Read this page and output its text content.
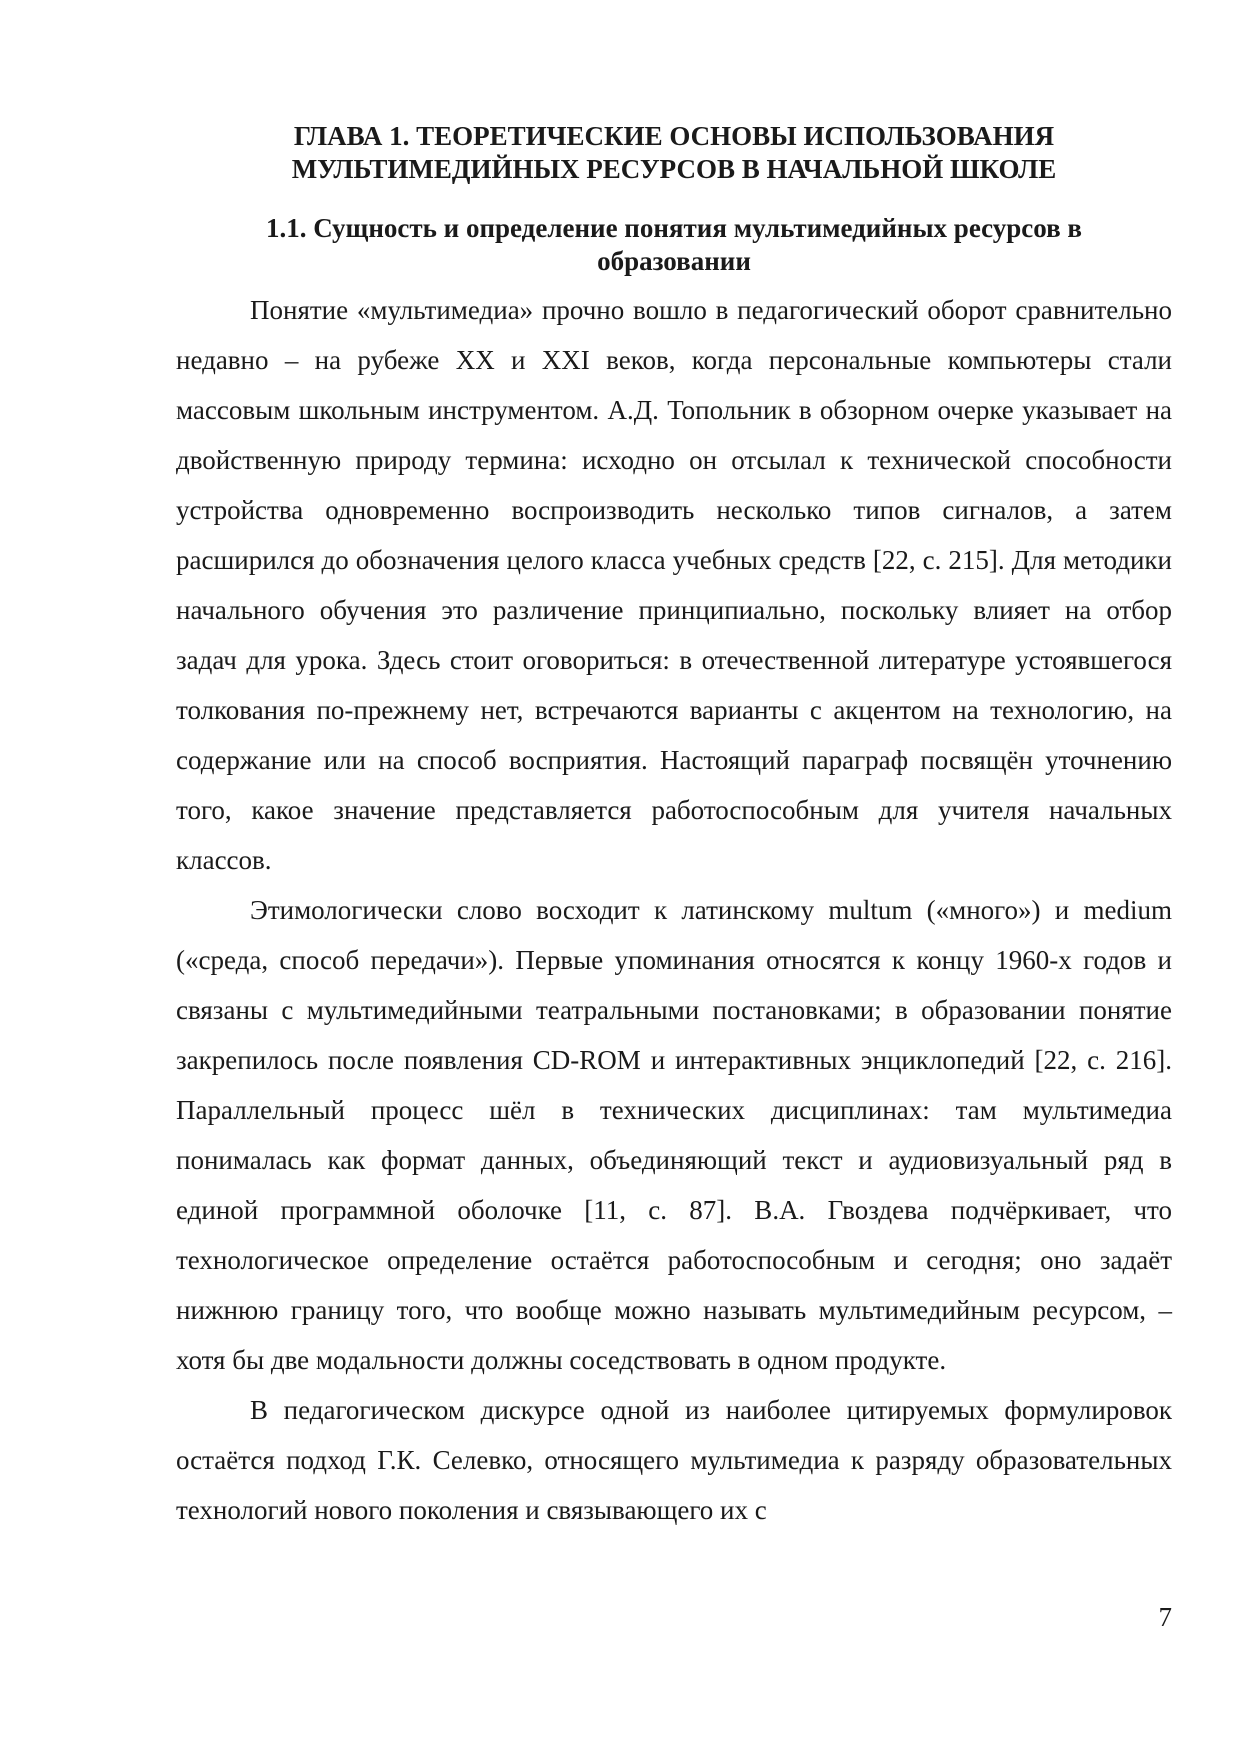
ГЛАВА 1. ТЕОРЕТИЧЕСКИЕ ОСНОВЫ ИСПОЛЬЗОВАНИЯ
МУЛЬТИМЕДИЙНЫХ РЕСУРСОВ В НАЧАЛЬНОЙ ШКОЛЕ
1.1. Сущность и определение понятия мультимедийных ресурсов в
образовании

Понятие «мультимедиа» прочно вошло в педагогический оборот сравнительно недавно – на рубеже XX и XXI веков, когда персональные компьютеры стали массовым школьным инструментом. А.Д. Топольник в обзорном очерке указывает на двойственную природу термина: исходно он отсылал к технической способности устройства одновременно воспроизводить несколько типов сигналов, а затем расширился до обозначения целого класса учебных средств [22, с. 215]. Для методики начального обучения это различение принципиально, поскольку влияет на отбор задач для урока. Здесь стоит оговориться: в отечественной литературе устоявшегося толкования по-прежнему нет, встречаются варианты с акцентом на технологию, на содержание или на способ восприятия. Настоящий параграф посвящён уточнению того, какое значение представляется работоспособным для учителя начальных классов.

Этимологически слово восходит к латинскому multum («много») и medium («среда, способ передачи»). Первые упоминания относятся к концу 1960-х годов и связаны с мультимедийными театральными постановками; в образовании понятие закрепилось после появления CD-ROM и интерактивных энциклопедий [22, с. 216]. Параллельный процесс шёл в технических дисциплинах: там мультимедиа понималась как формат данных, объединяющий текст и аудиовизуальный ряд в единой программной оболочке [11, с. 87]. В.А. Гвоздева подчёркивает, что технологическое определение остаётся работоспособным и сегодня; оно задаёт нижнюю границу того, что вообще можно называть мультимедийным ресурсом, – хотя бы две модальности должны соседствовать в одном продукте.

В педагогическом дискурсе одной из наиболее цитируемых формулировок остаётся подход Г.К. Селевко, относящего мультимедиа к разряду образовательных технологий нового поколения и связывающего их с

7
